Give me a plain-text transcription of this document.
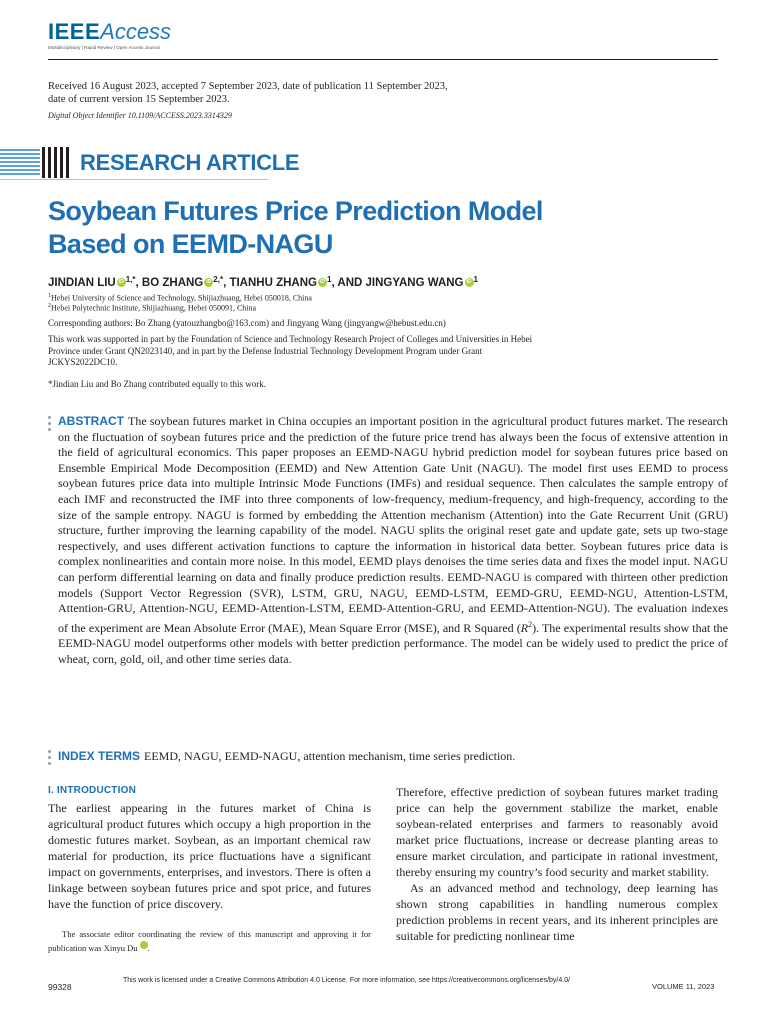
IEEEAccess
Multidisciplinary | Rapid Review | Open Access Journal
Received 16 August 2023, accepted 7 September 2023, date of publication 11 September 2023,
date of current version 15 September 2023.
Digital Object Identifier 10.1109/ACCESS.2023.3314329
RESEARCH ARTICLE
Soybean Futures Price Prediction Model
Based on EEMD-NAGU
JINDIAN LIU iD $^{1,*}$, BO ZHANG iD $^{2,*}$, TIANHU ZHANG iD $^1$, AND JINGYANG WANG iD $^1$
$^1$Hebei University of Science and Technology, Shijiazhuang, Hebei 050018, China
$^2$Hebei Polytechnic Institute, Shijiazhuang, Hebei 050091, China
Corresponding authors: Bo Zhang (yatouzhangbo@163.com) and Jingyang Wang (jingyangw@hebust.edu.cn)
This work was supported in part by the Foundation of Science and Technology Research Project of Colleges and Universities in Hebei
Province under Grant QN2023140, and in part by the Defense Industrial Technology Development Program under Grant
JCKYS2022DC10.
*Jindian Liu and Bo Zhang contributed equally to this work.
ABSTRACT The soybean futures market in China occupies an important position in the agricultural product futures market. The research on the fluctuation of soybean futures price and the prediction of the future price trend has always been the focus of extensive attention in the field of agricultural economics. This paper proposes an EEMD-NAGU hybrid prediction model for soybean futures price based on Ensemble Empirical Mode Decomposition (EEMD) and New Attention Gate Unit (NAGU). The model first uses EEMD to process soybean futures price data into multiple Intrinsic Mode Functions (IMFs) and residual sequence. Then calculates the sample entropy of each IMF and reconstructed the IMF into three components of low-frequency, medium-frequency, and high-frequency, according to the size of the sample entropy. NAGU is formed by embedding the Attention mechanism (Attention) into the Gate Recurrent Unit (GRU) structure, further improving the learning capability of the model. NAGU splits the original reset gate and update gate, sets up two-stage respectively, and uses different activation functions to capture the information in historical data better. Soybean futures price data is complex nonlinearities and contain more noise. In this model, EEMD plays denoises the time series data and fixes the model input. NAGU can perform differential learning on data and finally produce prediction results. EEMD-NAGU is compared with thirteen other prediction models (Support Vector Regression (SVR), LSTM, GRU, NAGU, EEMD-LSTM, EEMD-GRU, EEMD-NGU, Attention-LSTM, Attention-GRU, Attention-NGU, EEMD-Attention-LSTM, EEMD-Attention-GRU, and EEMD-Attention-NGU). The evaluation indexes of the experiment are Mean Absolute Error (MAE), Mean Square Error (MSE), and R Squared $(R^2)$. The experimental results show that the EEMD-NAGU model outperforms other models with better prediction performance. The model can be widely used to predict the price of wheat, corn, gold, oil, and other time series data.
INDEX TERMS EEMD, NAGU, EEMD-NAGU, attention mechanism, time series prediction.
I. INTRODUCTION
The earliest appearing in the futures market of China is agricultural product futures which occupy a high proportion in the domestic futures market. Soybean, as an important chemical raw material for production, its price fluctuations have a significant impact on governments, enterprises, and investors. There is often a linkage between soybean futures price and spot price, and futures have the function of price discovery.
Therefore, effective prediction of soybean futures market trading price can help the government stabilize the market, enable soybean-related enterprises and farmers to reasonably avoid market price fluctuations, increase or decrease planting areas to ensure market circulation, and participate in rational investment, thereby ensuring my country’s food security and market stability.
As an advanced method and technology, deep learning has shown strong capabilities in handling numerous complex prediction problems in recent years, and its inherent principles are suitable for predicting nonlinear time
The associate editor coordinating the review of this manuscript and approving it for publication was Xinyu Du .
99328
This work is licensed under a Creative Commons Attribution 4.0 License. For more information, see https://creativecommons.org/licenses/by/4.0/
VOLUME 11, 2023
